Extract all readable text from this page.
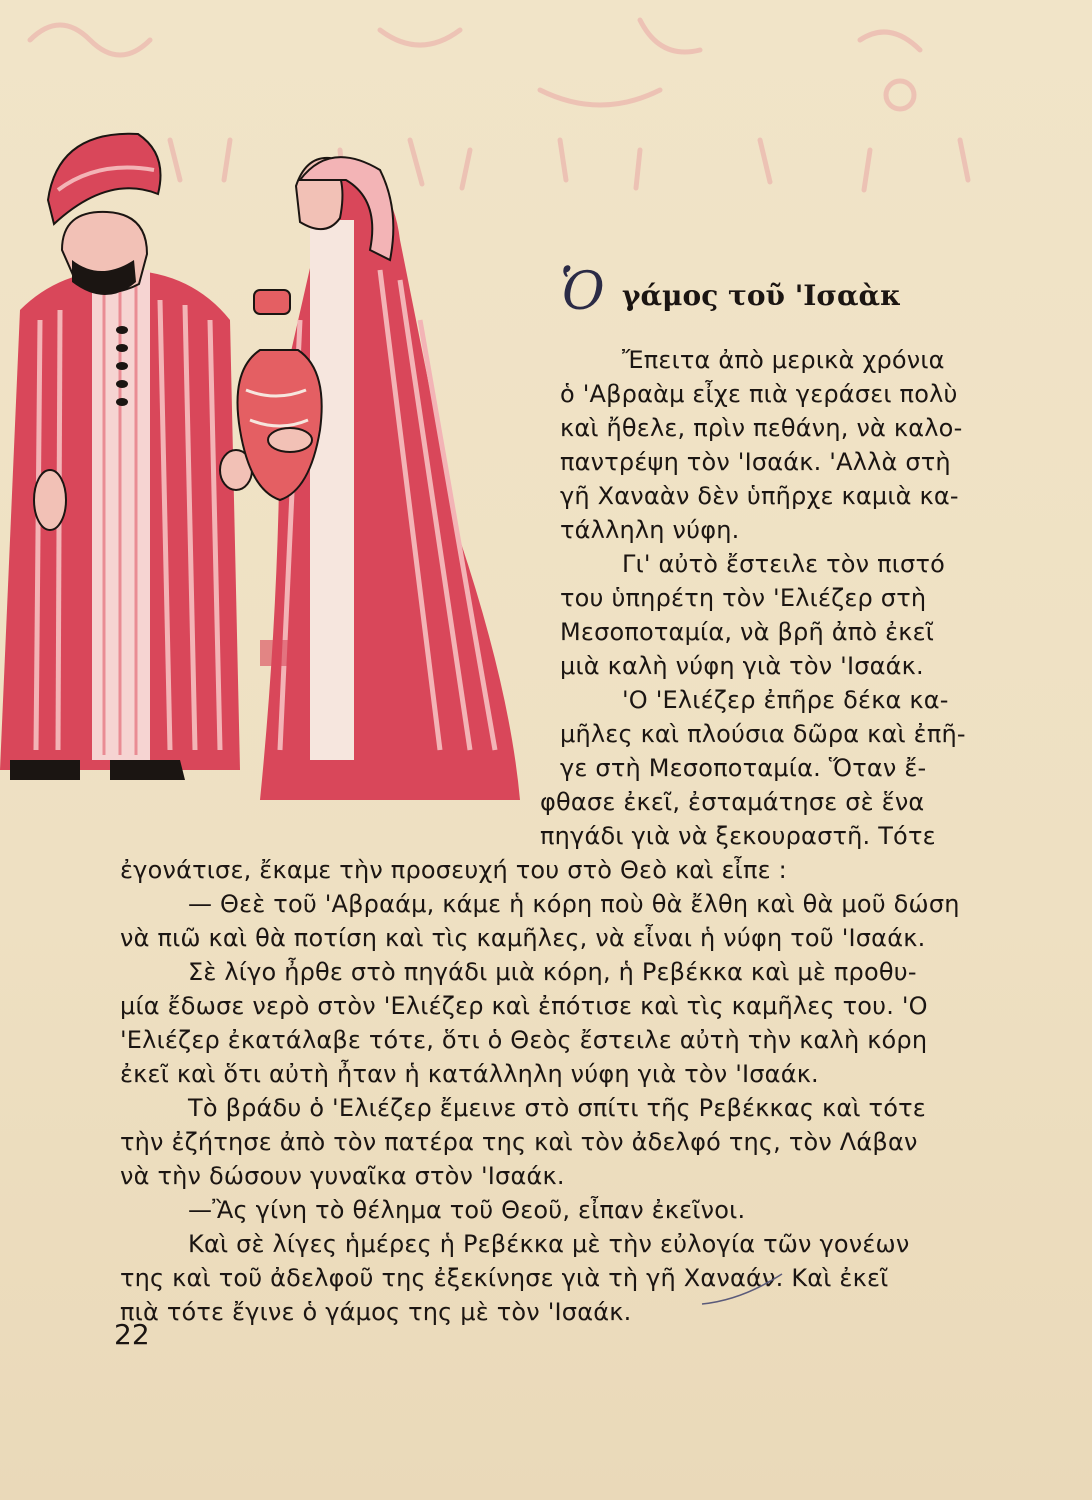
Ὁ γάμος τοῦ 'Ισαὰκ
Ἔπειτα ἀπὸ μερικὰ χρόνια
ὁ 'Αβραὰμ εἶχε πιὰ γεράσει πολὺ
καὶ ἤθελε, πρὶν πεθάνη, νὰ καλο-
παντρέψη τὸν 'Ισαάκ. 'Αλλὰ στὴ
γῆ Χαναὰν δὲν ὑπῆρχε καμιὰ κα-
τάλληλη νύφη.
Γι' αὐτὸ ἔστειλε τὸν πιστό
του ὑπηρέτη τὸν 'Ελιέζερ στὴ
Μεσοποταμία, νὰ βρῆ ἀπὸ ἐκεῖ
μιὰ καλὴ νύφη γιὰ τὸν 'Ισαάκ.
'Ο 'Ελιέζερ ἐπῆρε δέκα κα-
μῆλες καὶ πλούσια δῶρα καὶ ἐπῆ-
γε στὴ Μεσοποταμία. Ὅταν ἔ-
φθασε ἐκεῖ, ἐσταμάτησε σὲ ἕνα
πηγάδι γιὰ νὰ ξεκουραστῆ. Τότε
ἐγονάτισε, ἔκαμε τὴν προσευχή του στὸ Θεὸ καὶ εἶπε :
— Θεὲ τοῦ 'Αβραάμ, κάμε ἡ κόρη ποὺ θὰ ἔλθη καὶ θὰ μοῦ δώση
νὰ πιῶ καὶ θὰ ποτίση καὶ τὶς καμῆλες, νὰ εἶναι ἡ νύφη τοῦ 'Ισαάκ.
Σὲ λίγο ἦρθε στὸ πηγάδι μιὰ κόρη, ἡ Ρεβέκκα καὶ μὲ προθυ-
μία ἔδωσε νερὸ στὸν 'Ελιέζερ καὶ ἐπότισε καὶ τὶς καμῆλες του. 'Ο
'Ελιέζερ ἐκατάλαβε τότε, ὅτι ὁ Θεὸς ἔστειλε αὐτὴ τὴν καλὴ κόρη
ἐκεῖ καὶ ὅτι αὐτὴ ἦταν ἡ κατάλληλη νύφη γιὰ τὸν 'Ισαάκ.
Τὸ βράδυ ὁ 'Ελιέζερ ἔμεινε στὸ σπίτι τῆς Ρεβέκκας καὶ τότε
τὴν ἐζήτησε ἀπὸ τὸν πατέρα της καὶ τὸν ἀδελφό της, τὸν Λάβαν
νὰ τὴν δώσουν γυναῖκα στὸν 'Ισαάκ.
—Ἂς γίνη τὸ θέλημα τοῦ Θεοῦ, εἶπαν ἐκεῖνοι.
Καὶ σὲ λίγες ἡμέρες ἡ Ρεβέκκα μὲ τὴν εὐλογία τῶν γονέων
της καὶ τοῦ ἀδελφοῦ της ἐξεκίνησε γιὰ τὴ γῆ Χαναάν. Καὶ ἐκεῖ
πιὰ τότε ἔγινε ὁ γάμος της μὲ τὸν 'Ισαάκ.
22
